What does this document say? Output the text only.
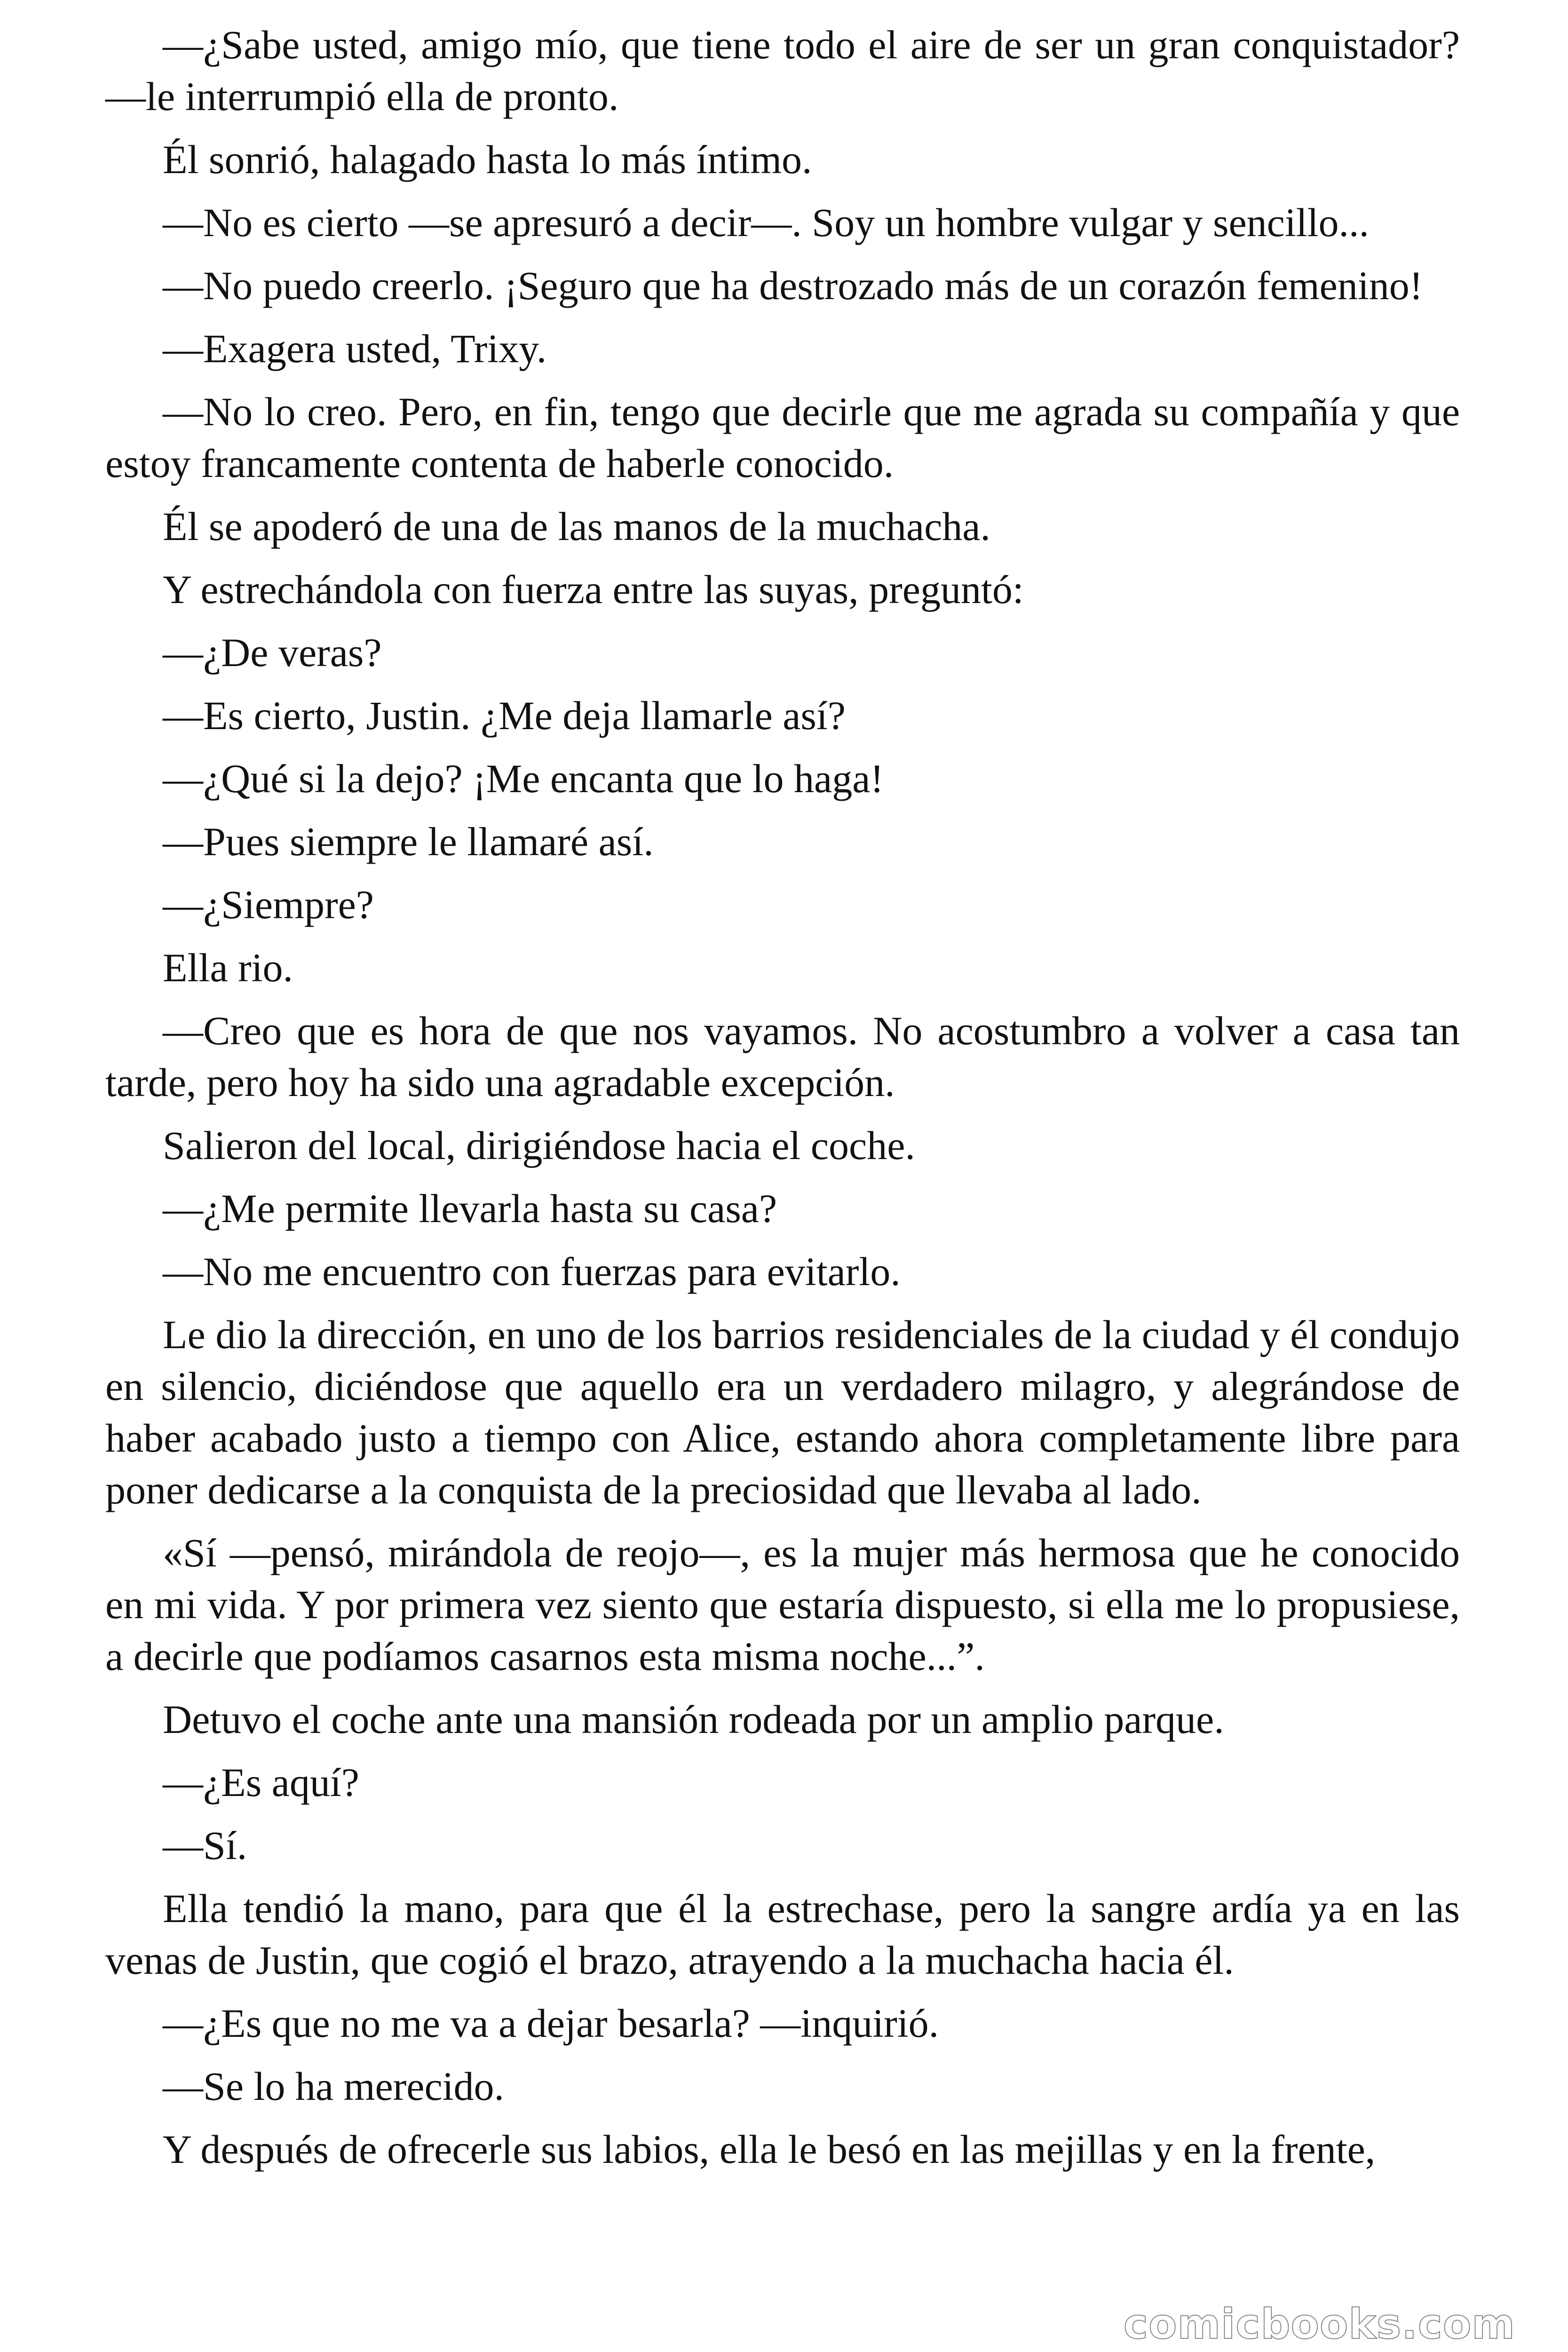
—¿Sabe usted, amigo mío, que tiene todo el aire de ser un gran conquistador? —le interrumpió ella de pronto.

Él sonrió, halagado hasta lo más íntimo.

—No es cierto —se apresuró a decir—. Soy un hombre vulgar y sencillo...

—No puedo creerlo. ¡Seguro que ha destrozado más de un corazón femenino!

—Exagera usted, Trixy.

—No lo creo. Pero, en fin, tengo que decirle que me agrada su compañía y que estoy francamente contenta de haberle conocido.

Él se apoderó de una de las manos de la muchacha.

Y estrechándola con fuerza entre las suyas, preguntó:

—¿De veras?

—Es cierto, Justin. ¿Me deja llamarle así?

—¿Qué si la dejo? ¡Me encanta que lo haga!

—Pues siempre le llamaré así.

—¿Siempre?

Ella rio.

—Creo que es hora de que nos vayamos. No acostumbro a volver a casa tan tarde, pero hoy ha sido una agradable excepción.

Salieron del local, dirigiéndose hacia el coche.

—¿Me permite llevarla hasta su casa?

—No me encuentro con fuerzas para evitarlo.

Le dio la dirección, en uno de los barrios residenciales de la ciudad y él condujo en silencio, diciéndose que aquello era un verdadero milagro, y alegrándose de haber acabado justo a tiempo con Alice, estando ahora completamente libre para poner dedicarse a la conquista de la preciosidad que llevaba al lado.

«Sí —pensó, mirándola de reojo—, es la mujer más hermosa que he conocido en mi vida. Y por primera vez siento que estaría dispuesto, si ella me lo propusiese, a decirle que podíamos casarnos esta misma noche...”.

Detuvo el coche ante una mansión rodeada por un amplio parque.

—¿Es aquí?

—Sí.

Ella tendió la mano, para que él la estrechase, pero la sangre ardía ya en las venas de Justin, que cogió el brazo, atrayendo a la muchacha hacia él.

—¿Es que no me va a dejar besarla? —inquirió.

—Se lo ha merecido.

Y después de ofrecerle sus labios, ella le besó en las mejillas y en la frente,

comicbooks.com
